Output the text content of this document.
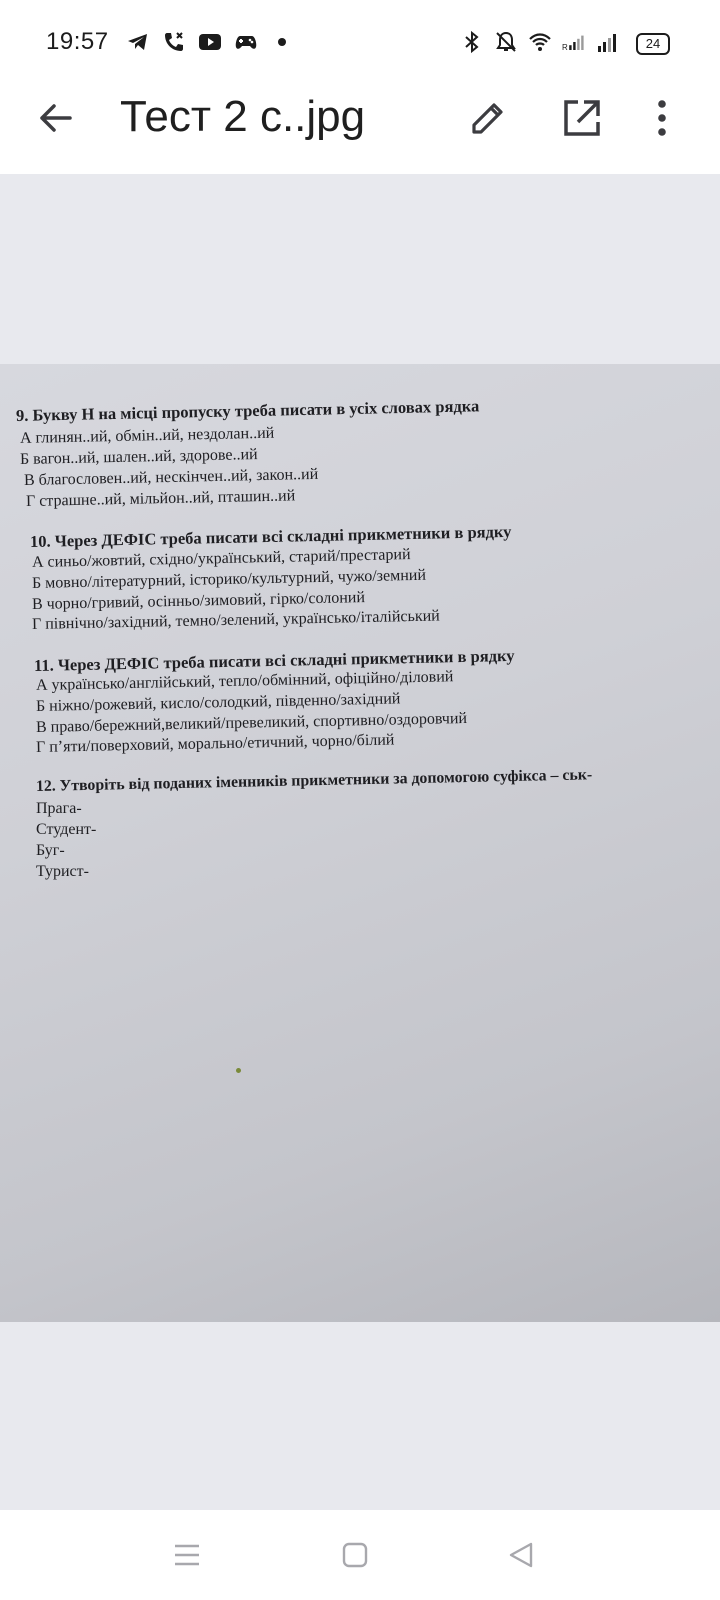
19:57	R	24
Тест 2 с..jpg
9. Букву Н на місці пропуску треба писати в усіх словах рядка
А глинян..ий, обмін..ий, нездолан..ий
Б вагон..ий, шален..ий, здорове..ий
В благословен..ий, нескінчен..ий, закон..ий
Г страшне..ий, мільйон..ий, пташин..ий
10. Через ДЕФІС треба писати всі складні прикметники в рядку
А синьо/жовтий, східно/український, старий/престарий
Б мовно/літературний, історико/культурний, чужо/земний
В чорно/гривий, осінньо/зимовий, гірко/солоний
Г північно/західний, темно/зелений, українсько/італійський
11. Через ДЕФІС треба писати всі складні прикметники в рядку
А українсько/англійський, тепло/обмінний, офіційно/діловий
Б ніжно/рожевий, кисло/солодкий, південно/західний
В право/бережний,великий/превеликий, спортивно/оздоровчий
Г п’яти/поверховий, морально/етичний, чорно/білий
12. Утворіть від поданих іменників прикметники за допомогою суфікса – ськ-
Прага-
Студент-
Буг-
Турист-
